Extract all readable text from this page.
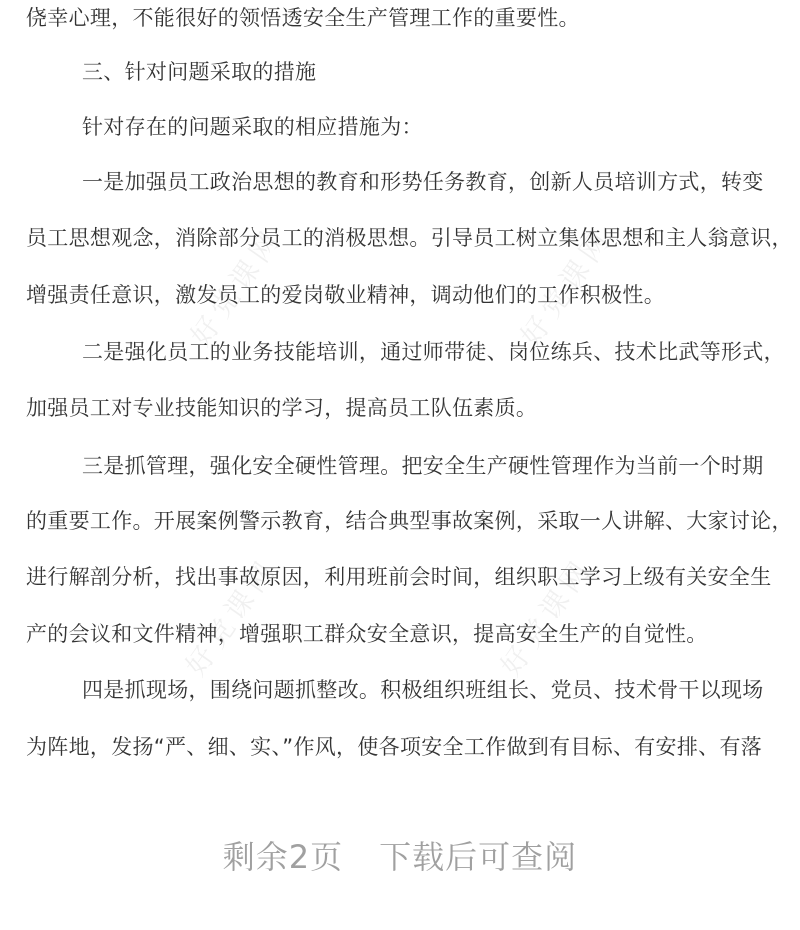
侥幸心理，不能很好的领悟透安全生产管理工作的重要性。
三、针对问题采取的措施
针对存在的问题采取的相应措施为：
一是加强员工政治思想的教育和形势任务教育，创新人员培训方式，转变
员工思想观念，消除部分员工的消极思想。引导员工树立集体思想和主人翁意识，
增强责任意识，激发员工的爱岗敬业精神，调动他们的工作积极性。
二是强化员工的业务技能培训，通过师带徒、岗位练兵、技术比武等形式，
加强员工对专业技能知识的学习，提高员工队伍素质。
三是抓管理，强化安全硬性管理。把安全生产硬性管理作为当前一个时期
的重要工作。开展案例警示教育，结合典型事故案例，采取一人讲解、大家讨论，
进行解剖分析，找出事故原因，利用班前会时间，组织职工学习上级有关安全生
产的会议和文件精神，增强职工群众安全意识，提高安全生产的自觉性。
四是抓现场，围绕问题抓整改。积极组织班组长、党员、技术骨干以现场
为阵地，发扬“严、细、实、”作风，使各项安全工作做到有目标、有安排、有落
好党课网	好党课网
好党课网	好党课网
剩余2页 下载后可查阅
